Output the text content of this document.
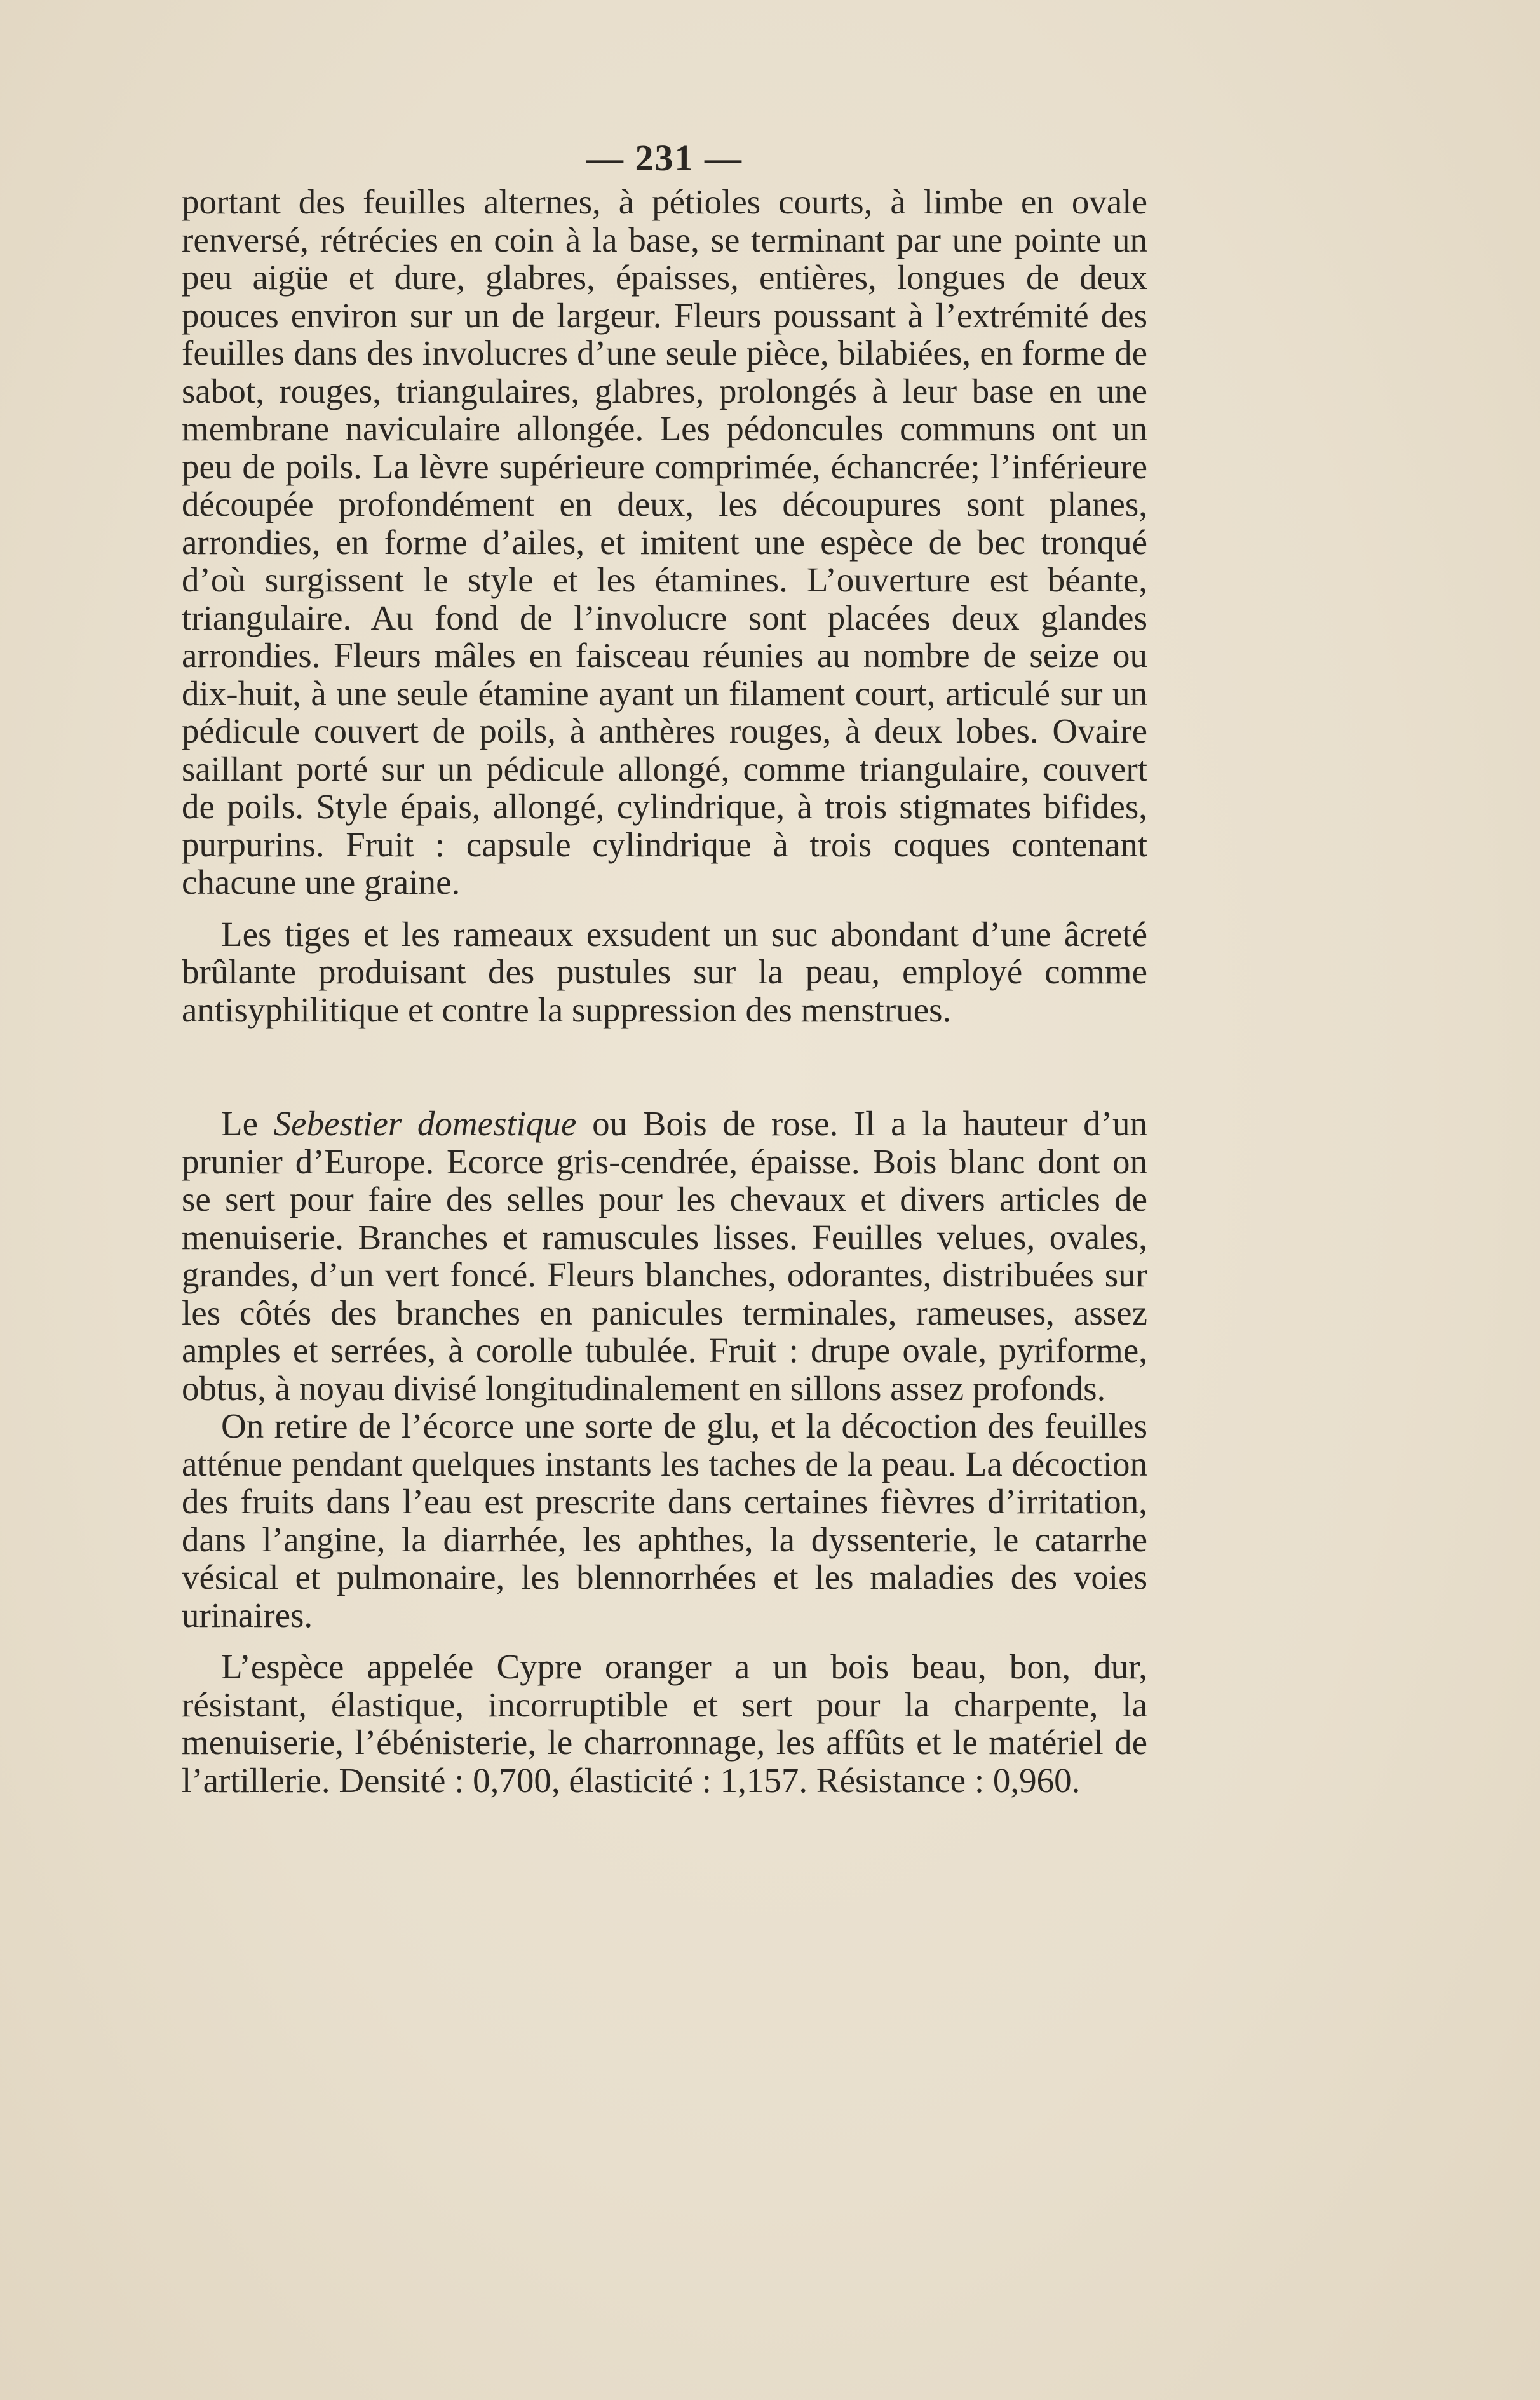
— 231 —

portant des feuilles alternes, à pétioles courts, à limbe en ovale renversé, rétrécies en coin à la base, se terminant par une pointe un peu aigüe et dure, glabres, épaisses, entières, longues de deux pouces environ sur un de largeur. Fleurs poussant à l’extrémité des feuilles dans des involucres d’une seule pièce, bilabiées, en forme de sabot, rouges, triangulaires, glabres, prolongés à leur base en une membrane naviculaire allongée. Les pédoncules communs ont un peu de poils. La lèvre supérieure comprimée, échancrée; l’inférieure découpée profondément en deux, les découpures sont planes, arrondies, en forme d’ailes, et imitent une espèce de bec tronqué d’où surgissent le style et les étamines. L’ouverture est béante, triangulaire. Au fond de l’involucre sont placées deux glandes arrondies. Fleurs mâles en faisceau réunies au nombre de seize ou dix-huit, à une seule étamine ayant un filament court, articulé sur un pédicule couvert de poils, à anthères rouges, à deux lobes. Ovaire saillant porté sur un pédicule allongé, comme triangulaire, couvert de poils. Style épais, allongé, cylindrique, à trois stigmates bifides, purpurins. Fruit : capsule cylindrique à trois coques contenant chacune une graine.

Les tiges et les rameaux exsudent un suc abondant d’une âcreté brûlante produisant des pustules sur la peau, employé comme antisyphilitique et contre la suppression des menstrues.

Le Sebestier domestique ou Bois de rose. Il a la hauteur d’un prunier d’Europe. Ecorce gris-cendrée, épaisse. Bois blanc dont on se sert pour faire des selles pour les chevaux et divers articles de menuiserie. Branches et ramuscules lisses. Feuilles velues, ovales, grandes, d’un vert foncé. Fleurs blanches, odorantes, distribuées sur les côtés des branches en panicules terminales, rameuses, assez amples et serrées, à corolle tubulée. Fruit : drupe ovale, pyriforme, obtus, à noyau divisé longitudinalement en sillons assez profonds.

On retire de l’écorce une sorte de glu, et la décoction des feuilles atténue pendant quelques instants les taches de la peau. La décoction des fruits dans l’eau est prescrite dans certaines fièvres d’irritation, dans l’angine, la diarrhée, les aphthes, la dyssenterie, le catarrhe vésical et pulmonaire, les blennorrhées et les maladies des voies urinaires.

L’espèce appelée Cypre oranger a un bois beau, bon, dur, résistant, élastique, incorruptible et sert pour la charpente, la menuiserie, l’ébénisterie, le charronnage, les affûts et le matériel de l’artillerie. Densité : 0,700, élasticité : 1,157. Résistance : 0,960.
